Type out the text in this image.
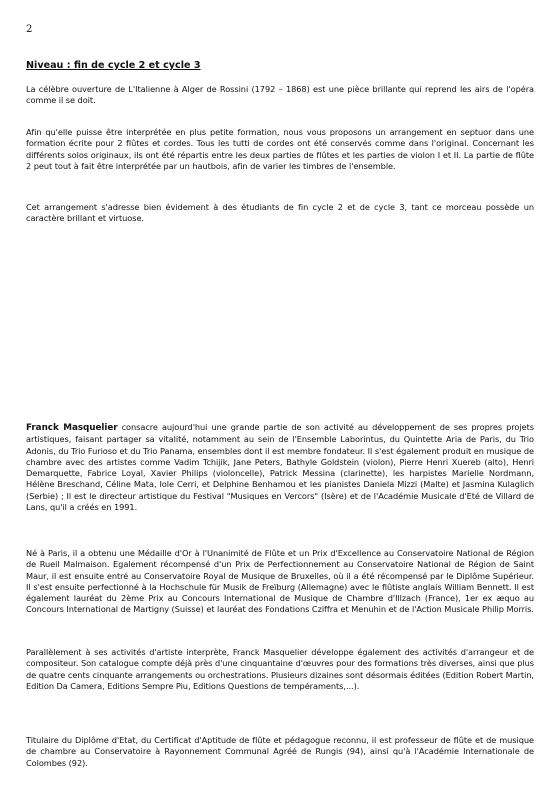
2
Niveau : fin de cycle 2 et cycle 3

La célèbre ouverture de L'Italienne à Alger de Rossini (1792 – 1868) est une pièce brillante qui reprend les airs de l'opéra comme il se doit.

Afin qu'elle puisse être interprétée en plus petite formation, nous vous proposons un arrangement en septuor dans une formation écrite pour 2 flûtes et cordes. Tous les tutti de cordes ont été conservés comme dans l'original. Concernant les différents solos originaux, ils ont été répartis entre les deux parties de flûtes et les parties de violon I et II. La partie de flûte 2 peut tout à fait être interprétée par un hautbois, afin de varier les timbres de l'ensemble.

Cet arrangement s'adresse bien évidement à des étudiants de fin cycle 2 et de cycle 3, tant ce morceau possède un caractère brillant et virtuose.

Franck Masquelier consacre aujourd'hui une grande partie de son activité au développement de ses propres projets artistiques, faisant partager sa vitalité, notamment au sein de l'Ensemble Laborintus, du Quintette Aria de Paris, du Trio Adonis, du Trio Furioso et du Trio Panama, ensembles dont il est membre fondateur. Il s'est également produit en musique de chambre avec des artistes comme Vadim Tchijik, Jane Peters, Bathyle Goldstein (violon), Pierre Henri Xuereb (alto), Henri Demarquette, Fabrice Loyal, Xavier Philips (violoncelle), Patrick Messina (clarinette), les harpistes Marielle Nordmann, Hélène Breschand, Céline Mata, Iole Cerri, et Delphine Benhamou et les pianistes Daniela Mizzi (Malte) et Jasmina Kulaglich (Serbie) ; Il est le directeur artistique du Festival "Musiques en Vercors" (Isère) et de l'Académie Musicale d'Eté de Villard de Lans, qu'il a créés en 1991.

Né à Paris, il a obtenu une Médaille d'Or à l'Unanimité de Flûte et un Prix d'Excellence au Conservatoire National de Région de Rueil Malmaison. Egalement récompensé d'un Prix de Perfectionnement au Conservatoire National de Région de Saint Maur, il est ensuite entré au Conservatoire Royal de Musique de Bruxelles, où il a été récompensé par le Diplôme Supérieur. Il s'est ensuite perfectionné à la Hochschule für Musik de Freïburg (Allemagne) avec le flûtiste anglais William Bennett. Il est également lauréat du 2ème Prix au Concours International de Musique de Chambre d'Illzach (France), 1er ex æquo au Concours International de Martigny (Suisse) et lauréat des Fondations Cziffra et Menuhin et de l'Action Musicale Philip Morris.

Parallèlement à ses activités d'artiste interprète, Franck Masquelier développe également des activités d'arrangeur et de compositeur. Son catalogue compte déjà près d'une cinquantaine d'œuvres pour des formations très diverses, ainsi que plus de quatre cents cinquante arrangements ou orchestrations. Plusieurs dizaines sont désormais éditées (Edition Robert Martin, Edition Da Camera, Editions Sempre Piu, Editions Questions de tempéraments,...).

Titulaire du Diplôme d'Etat, du Certificat d'Aptitude de flûte et pédagogue reconnu, il est professeur de flûte et de musique de chambre au Conservatoire à Rayonnement Communal Agréé de Rungis (94), ainsi qu'à l'Académie Internationale de Colombes (92).
